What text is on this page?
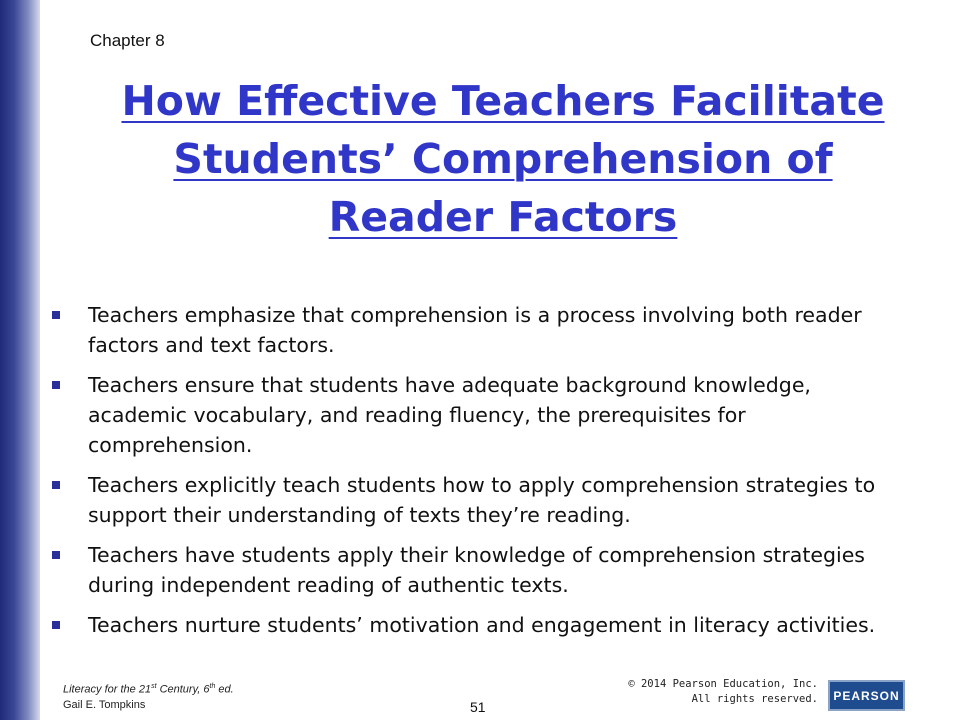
Chapter 8
How Effective Teachers Facilitate
Students’ Comprehension of
Reader Factors
Teachers emphasize that comprehension is a process involving both reader factors and text factors.
Teachers ensure that students have adequate background knowledge, academic vocabulary, and reading fluency, the prerequisites for comprehension.
Teachers explicitly teach students how to apply comprehension strategies to support their understanding of texts they’re reading.
Teachers have students apply their knowledge of comprehension strategies during independent reading of authentic texts.
Teachers nurture students’ motivation and engagement in literacy activities.
Literacy for the 21st Century, 6th ed.
Gail E. Tompkins	51
© 2014 Pearson Education, Inc.
All rights reserved.	PEARSON
